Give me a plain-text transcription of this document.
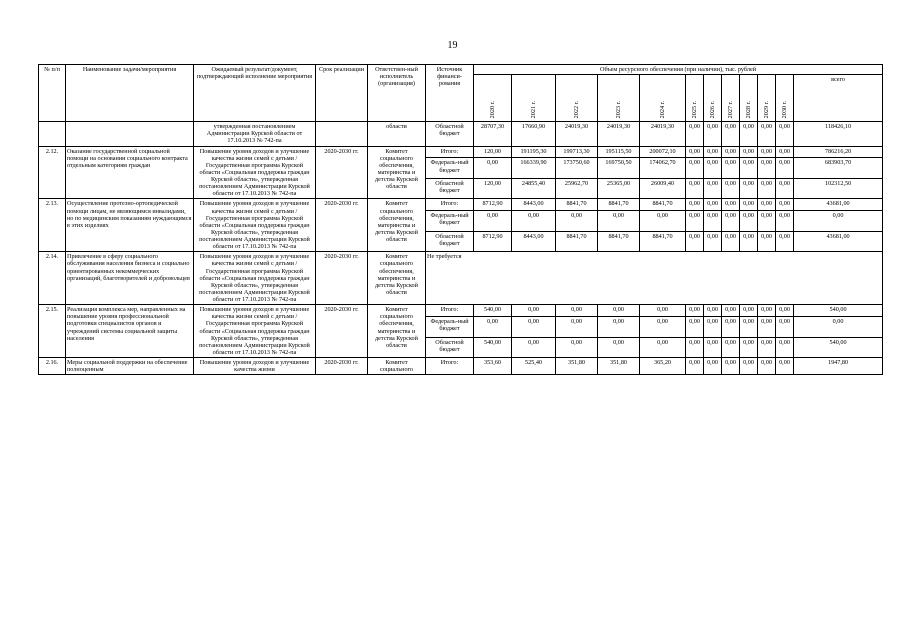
19
№ п/п	Наименование задачи/мероприятия	Ожидаемый результат/документ, подтверждающий исполнение мероприятия	Срок реализации	Ответствен-ный исполнитель (организация)	Источник финанси-рования	Объем ресурсного обеспечения (при наличии), тыс. рублей											
						2020 г.	2021 г.	2022 г.	2023 г.	2024 г.	2025 г.	2026 г.	2027 г.	2028 г.	2029 г.	2030 г.	всего
		утвержденная постановлением Администрации Курской области от 17.10.2013 № 742-па		области	Областной бюджет	28707,30	17660,90	24019,30	24019,30	24019,30	0,00	0,00	0,00	0,00	0,00	0,00	118426,10
2.12.	Оказание государственной социальной помощи на основании социального контракта отдельным категориям граждан	Повышение уровня доходов и улучшение качества жизни семей с детьми / Государственная программа Курской области «Социальная поддержка граждан Курской области», утвержденная постановлением Администрации Курской области от 17.10.2013 № 742-па	2020-2030 гг.	Комитет социального обеспечения, материнства и детства Курской области	Итого:	120,00	191195,30	199713,30	195115,50	200072,10	0,00	0,00	0,00	0,00	0,00	0,00	786216,20
					Федераль-ный бюджет	0,00	166339,90	173750,60	169750,50	174062,70	0,00	0,00	0,00	0,00	0,00	0,00	683903,70
					Областной бюджет	120,00	24855,40	25962,70	25365,00	26009,40	0,00	0,00	0,00	0,00	0,00	0,00	102312,50
2.13.	Осуществление протезно-ортопедической помощи лицам, не являющимся инвалидами, но по медицинским показаниям нуждающимся в этих изделиях	Повышение уровня доходов и улучшение качества жизни семей с детьми / Государственная программа Курской области «Социальная поддержка граждан Курской области», утвержденная постановлением Администрации Курской области от 17.10.2013 № 742-па	2020-2030 гг.	Комитет социального обеспечения, материнства и детства Курской области	Итого:	8712,90	8443,00	8841,70	8841,70	8841,70	0,00	0,00	0,00	0,00	0,00	0,00	43681,00
					Федераль-ный бюджет	0,00	0,00	0,00	0,00	0,00	0,00	0,00	0,00	0,00	0,00	0,00	0,00
					Областной бюджет	8712,90	8443,00	8841,70	8841,70	8841,70	0,00	0,00	0,00	0,00	0,00	0,00	43681,00
2.14.	Привлечение в сферу социального обслуживания населения бизнеса и социально ориентированных некоммерческих организаций, благотворителей и добровольцев	Повышение уровня доходов и улучшение качества жизни семей с детьми / Государственная программа Курской области «Социальная поддержка граждан Курской области», утвержденная постановлением Администрации Курской области от 17.10.2013 № 742-па	2020-2030 гг.	Комитет социального обеспечения, материнства и детства Курской области	Не требуется												
2.15.	Реализация комплекса мер, направленных на повышение уровня профессиональной подготовки специалистов органов и учреждений системы социальной защиты населения	Повышение уровня доходов и улучшение качества жизни семей с детьми / Государственная программа Курской области «Социальная поддержка граждан Курской области», утвержденная постановлением Администрации Курской области от 17.10.2013 № 742-па	2020-2030 гг.	Комитет социального обеспечения, материнства и детства Курской области	Итого:	540,00	0,00	0,00	0,00	0,00	0,00	0,00	0,00	0,00	0,00	0,00	540,00
					Федераль-ный бюджет	0,00	0,00	0,00	0,00	0,00	0,00	0,00	0,00	0,00	0,00	0,00	0,00
					Областной бюджет	540,00	0,00	0,00	0,00	0,00	0,00	0,00	0,00	0,00	0,00	0,00	540,00
2.16.	Меры социальной поддержки на обеспечение полноценным	Повышение уровня доходов и улучшение качества жизни	2020-2030 гг.	Комитет социального	Итого:	353,60	525,40	351,80	351,80	365,20	0,00	0,00	0,00	0,00	0,00	0,00	1947,80
